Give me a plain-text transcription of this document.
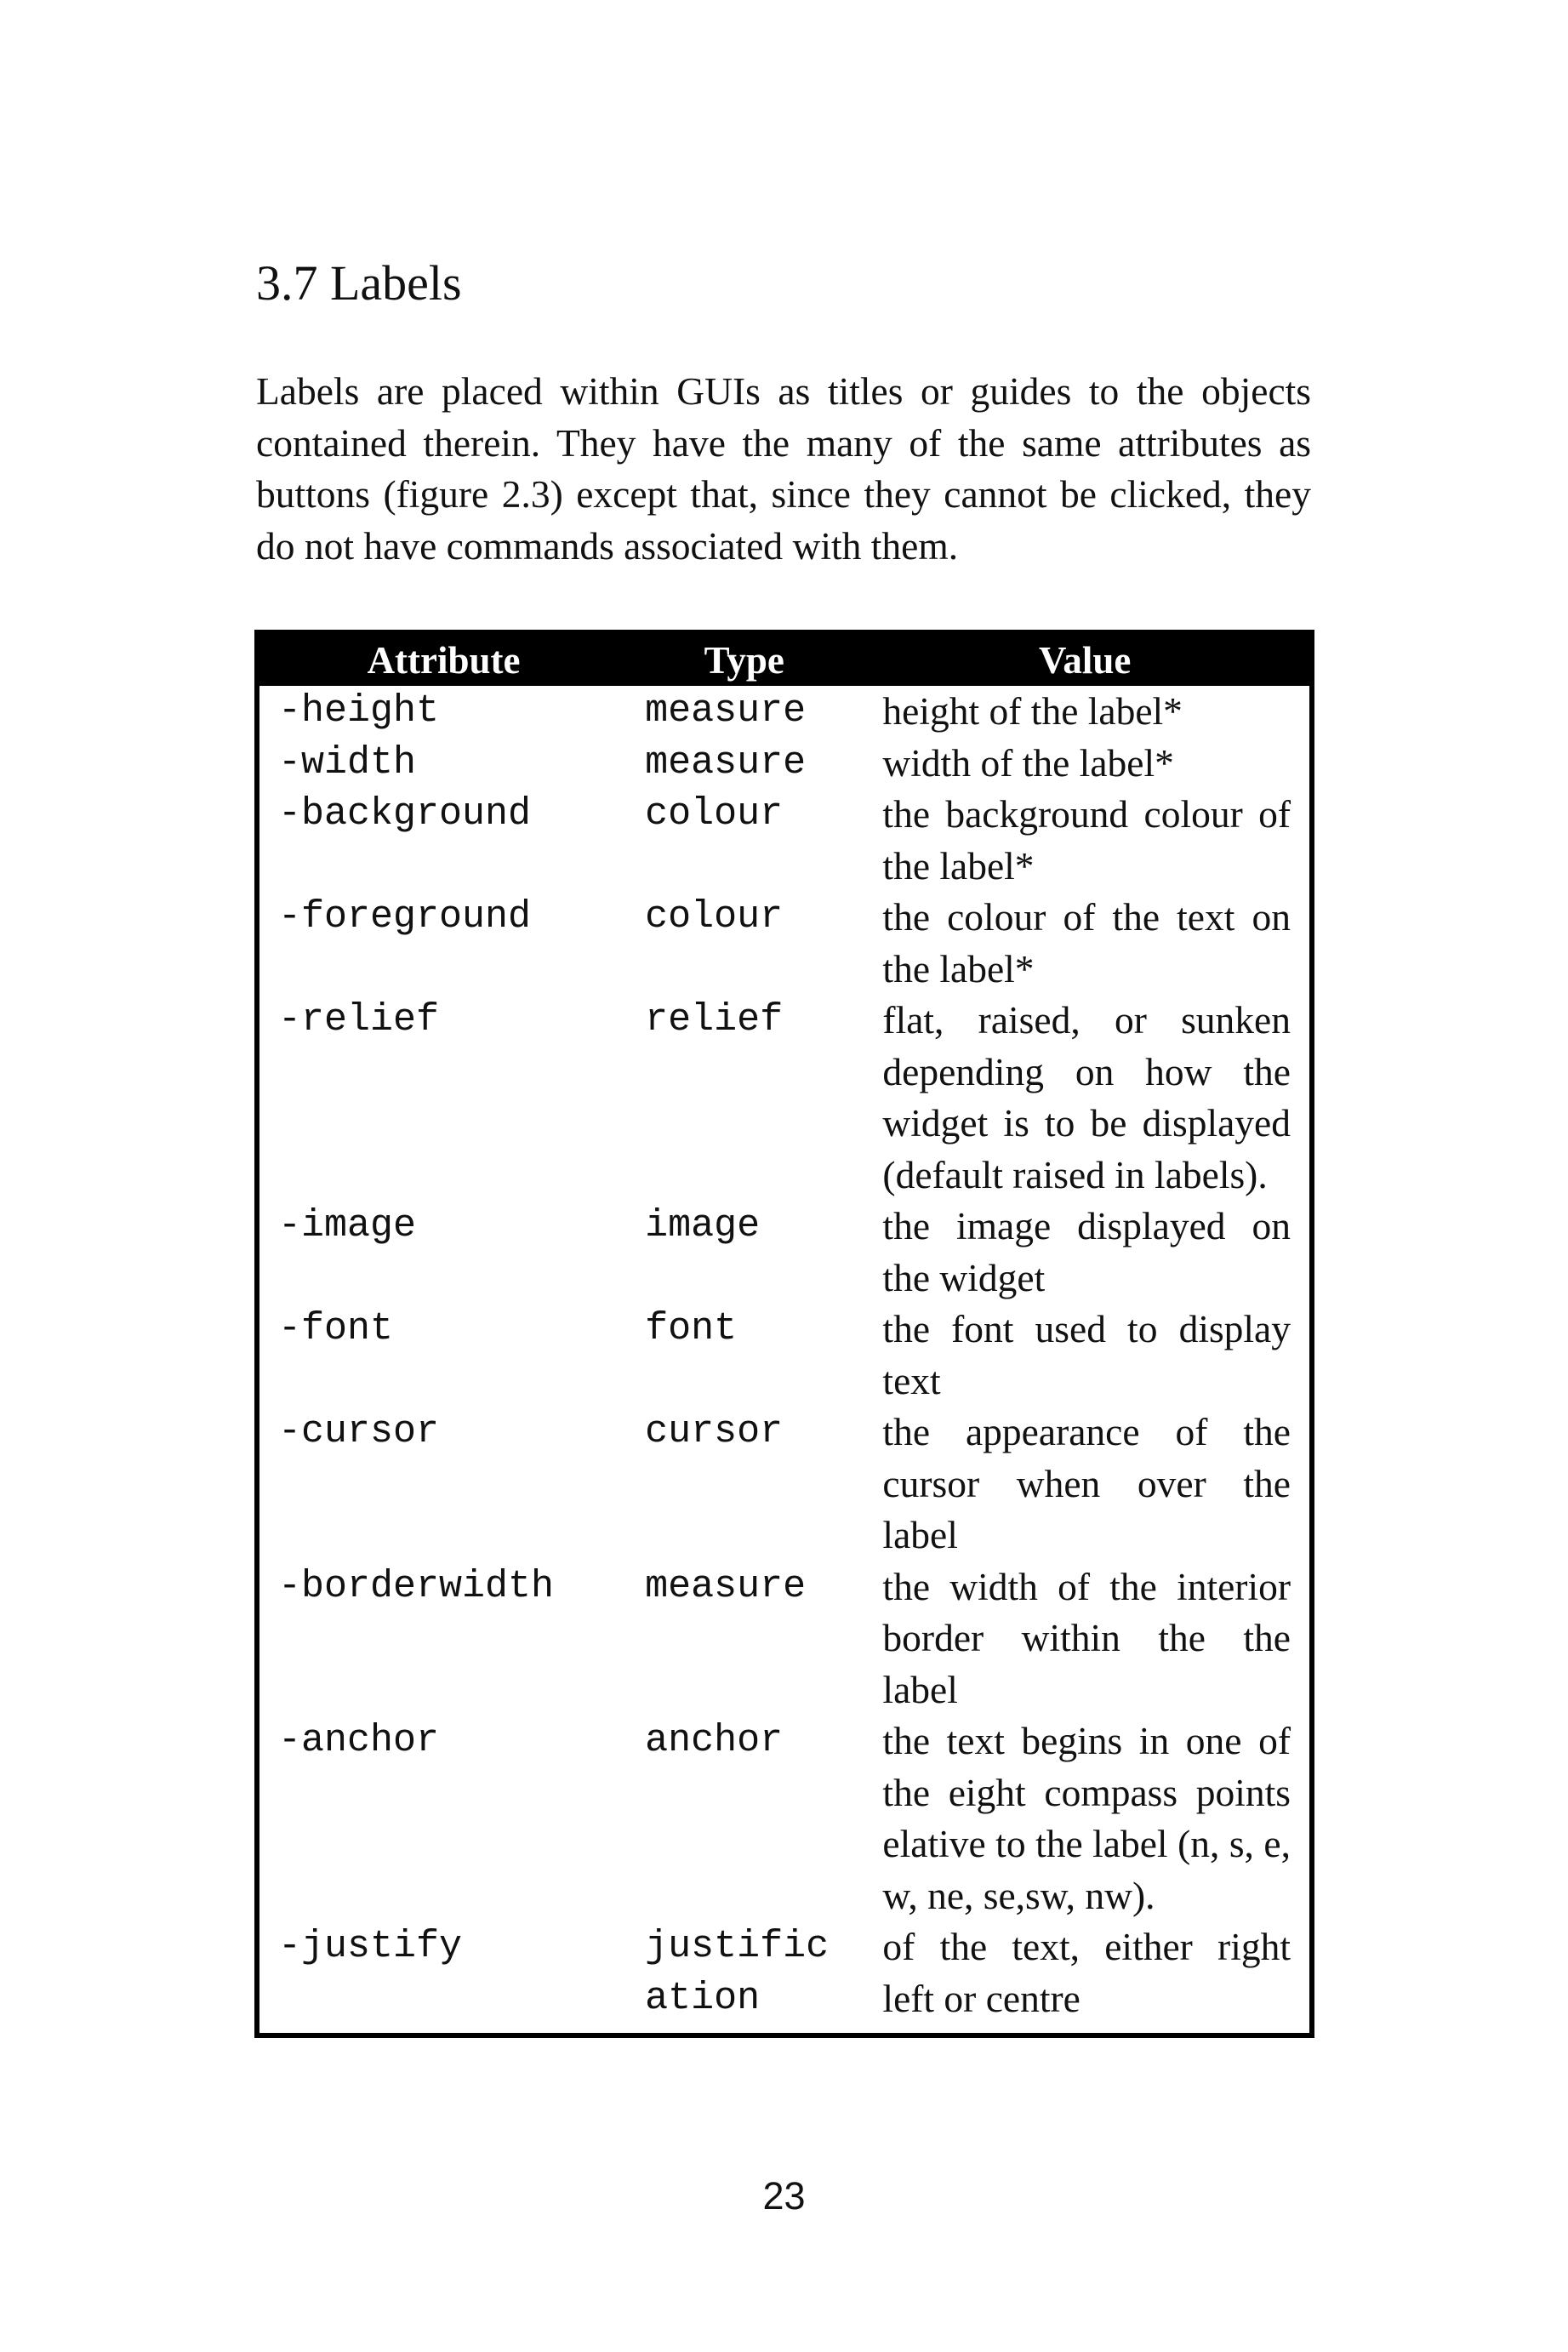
3.7 Labels

Labels are placed within GUIs as titles or guides to the objects contained therein. They have the many of the same attributes as buttons (figure 2.3) except that, since they cannot be clicked, they do not have commands associated with them.

Attribute	Type	Value
-height	measure	height of the label*
-width	measure	width of the label*
-background	colour	the background colour of the label*
-foreground	colour	the colour of the text on the label*
-relief	relief	flat, raised, or sunken depending on how the widget is to be displayed (default raised in labels).
-image	image	the image displayed on the widget
-font	font	the font used to display text
-cursor	cursor	the appearance of the cursor when over the label
-borderwidth	measure	the width of the interior border within the the label
-anchor	anchor	the text begins in one of the eight compass points elative to the label (n, s, e, w, ne, se,sw, nw).
-justify	justification	of the text, either right left or centre
23
